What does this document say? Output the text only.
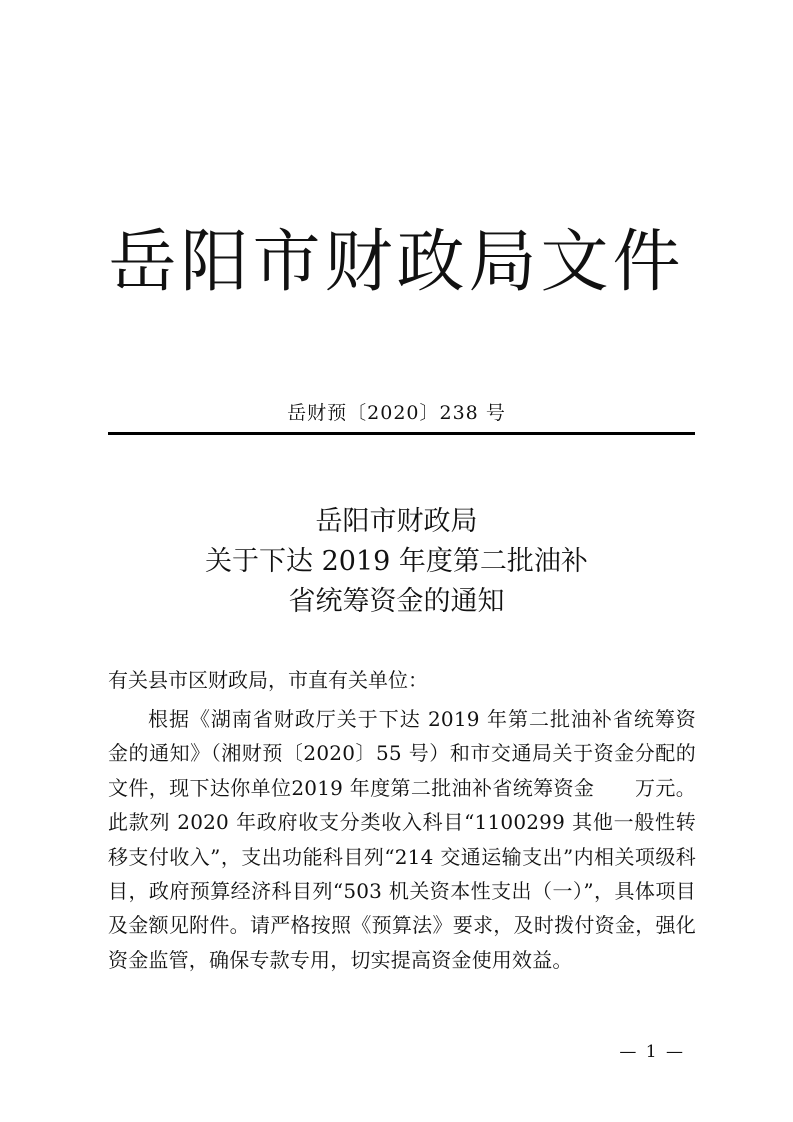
岳阳市财政局文件
岳财预〔2020〕238 号
岳阳市财政局
关于下达 2019 年度第二批油补
省统筹资金的通知
有关县市区财政局，市直有关单位：
根据《湖南省财政厅关于下达 2019 年第二批油补省统筹资金的通知》（湘财预〔2020〕55 号）和市交通局关于资金分配的文件，现下达你单位2019 年度第二批油补省统筹资金　　万元。此款列 2020 年政府收支分类收入科目“1100299 其他一般性转移支付收入”，支出功能科目列“214 交通运输支出”内相关项级科目，政府预算经济科目列“503 机关资本性支出（一）”，具体项目及金额见附件。请严格按照《预算法》要求，及时拨付资金，强化资金监管，确保专款专用，切实提高资金使用效益。
— 1 —
